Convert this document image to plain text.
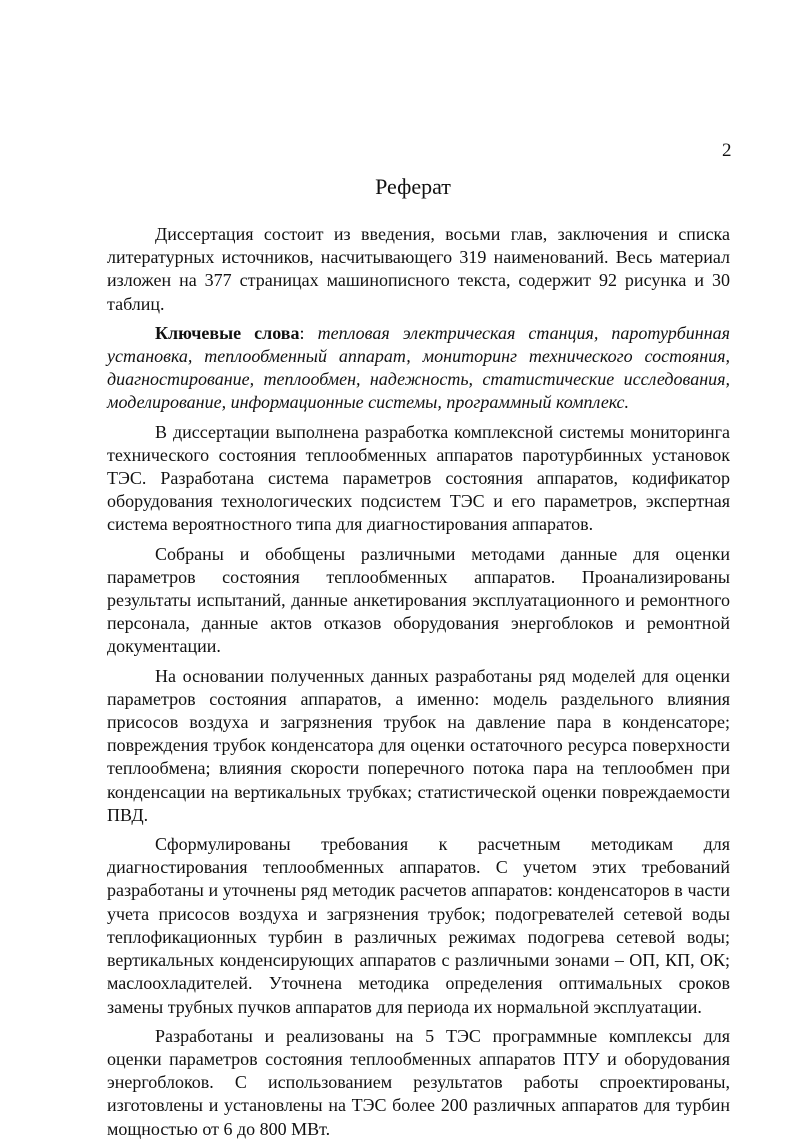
2
Реферат

Диссертация состоит из введения, восьми глав, заключения и списка литературных источников, насчитывающего 319 наименований. Весь материал изложен на 377 страницах машинописного текста, содержит 92 рисунка и 30 таблиц.

Ключевые слова: тепловая электрическая станция, паротурбинная установка, теплообменный аппарат, мониторинг технического состояния, диагностирование, теплообмен, надежность, статистические исследования, моделирование, информационные системы, программный комплекс.

В диссертации выполнена разработка комплексной системы мониторинга технического состояния теплообменных аппаратов паротурбинных установок ТЭС. Разработана система параметров состояния аппаратов, кодификатор оборудования технологических подсистем ТЭС и его параметров, экспертная система вероятностного типа для диагностирования аппаратов.

Собраны и обобщены различными методами данные для оценки параметров состояния теплообменных аппаратов. Проанализированы результаты испытаний, данные анкетирования эксплуатационного и ремонтного персонала, данные актов отказов оборудования энергоблоков и ремонтной документации.

На основании полученных данных разработаны ряд моделей для оценки параметров состояния аппаратов, а именно: модель раздельного влияния присосов воздуха и загрязнения трубок на давление пара в конденсаторе; повреждения трубок конденсатора для оценки остаточного ресурса поверхности теплообмена; влияния скорости поперечного потока пара на теплообмен при конденсации на вертикальных трубках; статистической оценки повреждаемости ПВД.

Сформулированы требования к расчетным методикам для диагностирования теплообменных аппаратов. С учетом этих требований разработаны и уточнены ряд методик расчетов аппаратов: конденсаторов в части учета присосов воздуха и загрязнения трубок; подогревателей сетевой воды теплофикационных турбин в различных режимах подогрева сетевой воды; вертикальных конденсирующих аппаратов с различными зонами – ОП, КП, ОК; маслоохладителей. Уточнена методика определения оптимальных сроков замены трубных пучков аппаратов для периода их нормальной эксплуатации.

Разработаны и реализованы на 5 ТЭС программные комплексы для оценки параметров состояния теплообменных аппаратов ПТУ и оборудования энергоблоков. С использованием результатов работы спроектированы, изготовлены и установлены на ТЭС более 200 различных аппаратов для турбин мощностью от 6 до 800 МВт.
